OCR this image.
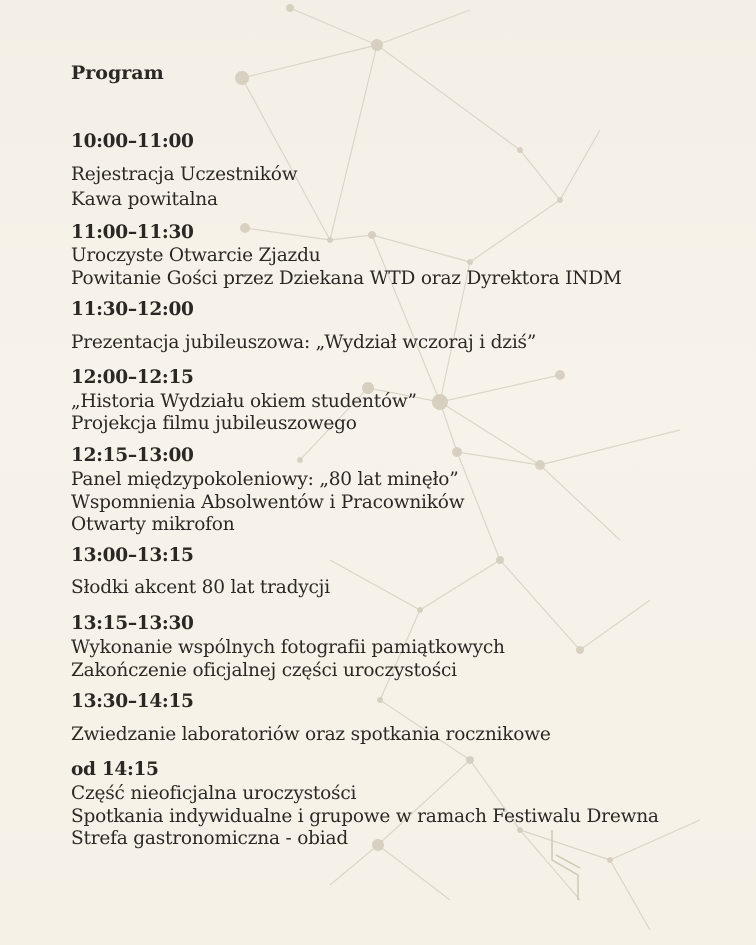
Program
10:00–11:00
Rejestracja Uczestników
Kawa powitalna
11:00–11:30
Uroczyste Otwarcie Zjazdu
Powitanie Gości przez Dziekana WTD oraz Dyrektora INDM
11:30–12:00
Prezentacja jubileuszowa: „Wydział wczoraj i dziś”
12:00–12:15
„Historia Wydziału okiem studentów”
Projekcja filmu jubileuszowego
12:15–13:00
Panel międzypokoleniowy: „80 lat minęło”
Wspomnienia Absolwentów i Pracowników
Otwarty mikrofon
13:00–13:15
Słodki akcent 80 lat tradycji
13:15–13:30
Wykonanie wspólnych fotografii pamiątkowych
Zakończenie oficjalnej części uroczystości
13:30–14:15
Zwiedzanie laboratoriów oraz spotkania rocznikowe
od 14:15
Część nieoficjalna uroczystości
Spotkania indywidualne i grupowe w ramach Festiwalu Drewna
Strefa gastronomiczna - obiad
